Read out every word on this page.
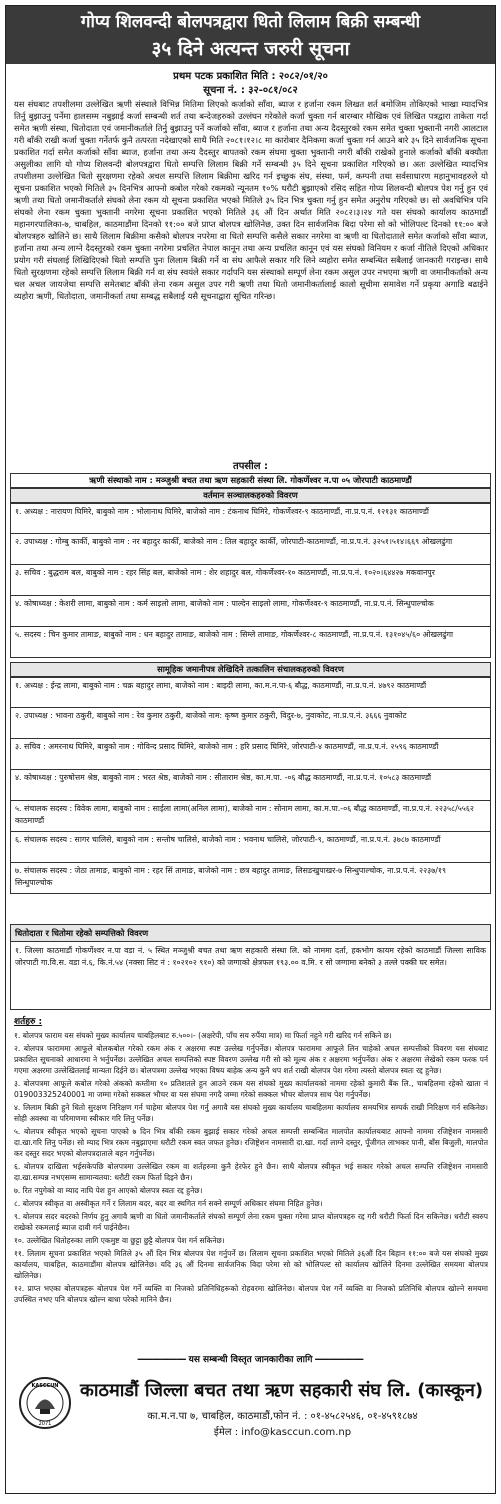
गोप्य शिलवन्दी बोलपत्रद्वारा धितो लिलाम बिक्री सम्बन्धी
३५ दिने अत्यन्त जरुरी सूचना
प्रथम पटक प्रकाशित मिति : २०८२/०१/२०
सूचना नं. : ३२-०८१/०८२
यस संघबाट तपशीलमा उल्लेखित ऋणी संस्थाले विभिन्न मितिमा लिएको कर्जाको साँवा, ब्याज र हर्जाना रकम लिखत शर्त बमोजिम तोकिएको भाखा म्यादभित्र तिर्नु बुझाउनु पर्नेमा हालसम्म नबुझाई कर्जा सम्बन्धी शर्त तथा बन्देजहरुको उल्लंघन गरेकोले कर्जा चुक्ता गर्न बारम्बार मौखिक एवं लिखित पत्रद्वारा ताकेता गर्दा समेत ऋणी संस्था, धितोदाता एवं जमानीकर्ताले तिर्नु बुझाउनु पर्ने कर्जाको साँवा, ब्याज र हर्जाना तथा अन्य दैदस्तुरको रकम समेत चुक्ता भुक्तानी नगरी आलटाल गरी बाँकी राखी कर्जा चुक्ता गर्नेतर्फ कुनै तत्परता नदेखाएको साथै मिति २०८१।१२।८ मा कारोबार दैनिकमा कर्जा चुक्ता गर्न आउने बारे ३५ दिने सार्वजनिक सूचना प्रकाशित गर्दा समेत कर्जाको साँवा ब्याज, हर्जाना तथा अन्य दैदस्तुर बापतको रकम संघमा चुक्ता भुक्तानी नगरी बाँकी राखेको हुनाले कर्जाको बाँकी बक्यौता असुलीका लागि यो गोप्य शिलवन्दी बोलपत्रद्वारा धितो सम्पत्ति लिलाम बिक्री गर्ने सम्बन्धी ३५ दिने सूचना प्रकाशित गरिएको छ। अतः उल्लेखित म्यादभित्र तपशीलमा उल्लेखित धितो सुरक्षणमा रहेको अचल सम्पत्ति लिलाम बिक्रीमा खरिद गर्न इच्छुक संघ, संस्था, फर्म, कम्पनी तथा सर्वसाधारण महानुभावहरुले यो सूचना प्रकाशित भएको मितिले ३५ दिनभित्र आफ्नो कबोल गरेको रकमको न्यूनतम १०% धरौटी बुझाएको रसिद सहित गोप्य शिलवन्दी बोलपत्र पेश गर्नु हुन एवं ऋणी तथा धितो जमानीकर्ताले संघको लेना रकम यो सूचना प्रकाशित भएको मितिले ३५ दिन भित्र चुक्ता गर्नु हुन समेत अनुरोध गरिएको छ। सो अवधिभित्र पनि संघको लेना रकम चुक्ता भुक्तानी नगरेमा सूचना प्रकाशित भएको मितिले ३६ औं दिन अर्थात मिति २०८२।३।२४ गते यस संघको कार्यालय काठमाडौं महानगरपालिका-७, चाबहिल, काठमाडौंमा दिनको ११:०० बजे प्राप्त बोलपत्र खोलिनेछ, उक्त दिन सार्वजनिक बिदा परेमा सो को भोलिपल्ट दिनको ११:०० बजे बोलपत्रहरु खोलिने छ। साथै लिलाम बिक्रीमा कसैको बोलपत्र नपरेमा वा धितो सम्पत्ति कसैले सकार नगरेमा वा ऋणी वा धितोदाताले समेत कर्जाको साँवा ब्याज, हर्जाना तथा अन्य लाग्ने दैदस्तुरको रकम चुक्ता नगरेमा प्रचलित नेपाल कानून तथा अन्य प्रचलित कानून एवं यस संघको विनियम र कर्जा नीतिले दिएको अधिकार प्रयोग गरी संघलाई लिखिदिएको धितो सम्पत्ति पुनः लिलाम बिक्री गर्ने वा संघ आफैले सकार गरि लिने व्यहोरा समेत सम्बन्धित सबैलाई जानकारी गराइन्छ। साथै धितो सुरक्षणमा रहेको सम्पत्ति लिलाम बिक्री गर्न वा संघ स्वयंले सकार गर्दापनि यस संस्थाको सम्पूर्ण लेना रकम असुल उपर नभएमा ऋणी वा जमानीकर्ताको अन्य चल अचल जायजेथा सम्पत्ति समेतबाट बाँकी लेना रकम असुल उपर गरी ऋणी तथा धितो जमानीकर्तालाई कालो सूचीमा समावेश गर्ने प्रकृया अगाडि बढाईने व्यहोरा ऋणी, धितोदाता, जमानीकर्ता तथा सम्बद्ध सबैलाई यसै सूचनाद्वारा सूचित गरिन्छ।
तपसील :
ऋणी संस्थाको नाम : मञ्जुश्री बचत तथा ऋण सहकारी संस्था लि. गोकर्णेश्वर न.पा ०५ जोरपाटी काठमाण्डौं
वर्तमान सञ्चालकहरुको विवरण
१. अध्यक्ष : नारायण घिमिरे, बाबुको नाम : भोलानाथ घिमिरे, बाजेको नाम : टंकनाथ घिमिरे, गोकर्णेश्वर-९ काठमाण्डौं, ना.प्र.प.नं. १२१३१ काठमाण्डौं
२. उपाध्यक्ष : गोम्बु कार्की, बाबुको नाम : नर बहादुर कार्की, बाजेको नाम : तिल बहादुर कार्की, जोरपाटी-काठमाण्डौं, ना.प्र.प.नं. ३२५१।५१४।६६९ ओखलढुंगा
३. सचिव : बुद्धराम बल, बाबुको नाम : रहर सिंह बल, बाजेको नाम : शेर शहादुर बल, गोकर्णेश्वर-१० काठमाण्डौं, ना.प्र.प.नं. १०२०।६४४२७ मकवानपुर
४. कोषाध्यक्ष : केशरी लामा, बाबुको नाम : कर्म साइलो लामा, बाजेको नाम : पाल्देन साइलो लामा, गोकर्णेश्वर-९ काठमाण्डौं, ना.प्र.प.नं. सिन्धुपाल्चोक
५. सदस्य : चिन कुमार तामाङ, बाबुको नाम : धन बहादुर तामाङ, बाजेको नाम : सिम्ले तामाङ, गोकर्णेश्वर-८ काठमाण्डौं, ना.प्र.प.नं. १३१०४५/६० ओखलढुंगा
सामूहिक जमानीपत्र लेखिदिने तत्कालिन संचालकहरुको विवरण
१. अध्यक्ष : ईन्द्र लामा, बाबुको नाम : चक्र बहादुर लामा, बाजेको नाम : बाइदी लामा, का.म.न.पा-६ बौद्ध, काठमाण्डौं, ना.प्र.प.नं. ४७९२ काठमाण्डौं
२. उपाध्यक्ष : भावना ठकुरी, बाबुको नाम : रेव कुमार ठकुरी, बाजेको नाम: कृष्ण कुमार ठकुरी, विदुर-७, नुवाकोट, ना.प्र.प.नं. ३६६६ नुवाकोट
३. सचिव : अमरनाथ घिमिरे, बाबुको नाम : गोविन्द प्रसाद घिमिरे, बाजेको नाम : हरि प्रसाद घिमिरे, जोरपाटी-४ काठमाण्डौं, ना.प्र.प.नं. २५९६ काठमाण्डौं
४. कोषाध्यक्ष : पुरुषोत्तम श्रेष्ठ, बाबुको नाम : भरत श्रेष्ठ, बाजेको नाम : सीताराम श्रेष्ठ, का.म.पा. -०६ बौद्ध काठमाण्डौं, ना.प्र.प.नं. १०५८३ काठमाण्डौं
५. संचालक सदस्य : विवेक लामा, बाबुको नाम : साईला लामा(अनिल लामा), बाजेको नाम : सोनाम लामा, का.म.पा.-०६ बौद्ध काठमाण्डौं, ना.प्र.प.नं. २२३५८/५५६२ काठमाण्डौं
६. संचालक सदस्य : सागर चालिसे, बाबुको नाम : सन्तोष चालिसे, बाजेको नाम : भवनाथ चालिसे, जोरपाटी-९, काठमाण्डौं, ना.प्र.प.नं. ३७८७ काठमाण्डौं
७. संचालक सदस्य : जेठा तामाङ, बाबुको नाम : रहर सिं तामाङ, बाजेको नाम : छत्र बहादुर तामाङ, लिसङखुपाखर-७ सिन्धुपाल्चोक, ना.प्र.प.नं. २२३७/१९ सिन्धुपाल्चोक
धितोदाता र धितोमा रहेको सम्पत्तिको विवरण
१. जिल्ला काठमाडौं गोकर्णेश्वर न.पा वडा नं. ५ स्थित मञ्जुश्री बचत तथा ऋण सहकारी संस्था लि. को नाममा दर्ता, हकभोग कायम रहेको काठमाडौं जिल्ला साविक जोरपाटी गा.वि.स. वडा नं.६, कि.नं.५४ (नक्सा सिट नं : १०२१०२ ९१०) को जग्गाको क्षेत्रफल १९३.०० व.मि. र सो जग्गामा बनेको ३ तल्ले पक्की घर समेत।
शर्तहरु :

१. बोलपत्र फाराम यस संघको मुख्य कार्यालय चाबहिलबाट रु.५००।- (अक्षरेपी, पाँच सय रुपैंया मात्र) मा फिर्ता नहुने गरी खरिद गर्न सकिने छ।

२. बोलपत्र फाराममा आफूले बोलकबोल गरेको रकम अंक र अक्षरमा स्पष्ट उल्लेख गर्नुपर्नेछ। बोलपत्र फाराममा आफूले लिन चाहेको अचल सम्पत्तीको विवरण यस संघबाट प्रकाशित सूचनाको आधारमा ने भर्नुपर्नेछ। उल्लेखित अचल सम्पत्तिको स्पष्ट विवरण उल्लेख गरी सो को मूल्य अंक र अक्षरमा भर्नुपर्नेछ। अंक र अक्षरमा लेखेको रकम फरक पर्न गएमा अक्षरमा उल्लेखितलाई मान्यता दिईने छ। बोलपत्रमा उल्लेख भएका विषय बाहेक अन्य कुनै थप शर्त राखी बोलपत्र पेश गरेमा त्यस्तो बोलपत्र स्वतः रद्द हुनेछ।

३. बोलपत्रमा आफूले कबोल गरेको अंकको कम्तीमा १० प्रतिशतले हुन आउने रकम यस संघको मुख्य कार्यालयको नाममा रहेको कुमारी बैंक लि., चाबहिलमा रहेको खाता नं 019003325240001 मा जम्मा गरेको सक्कल भौचर वा यस संघमा नगदै जम्मा गरेको सक्कल भौचर बोलपत्र साथ पेश गर्नुपर्नेछ।

४. लिलाम बिक्री हुने धितो सुरक्षण निरिक्षण गर्न चाहेमा बोलपत्र पेश गर्नु अगावै यस संघको मुख्य कार्यालय चाबहिलमा कार्यालय समयभित्र सम्पर्क राखी निरिक्षण गर्न सकिनेछ। सोही अवस्था वा परिमाणमा स्वीकार गरि लिनु पर्नेछ।

५. बोलपत्र स्वीकृत भएको सूचना पाएको ७ दिन भित्र बाँकी रकम बुझाई सकार गरेको अचल सम्पत्ती सम्बन्धित मालपोत कार्यालयबाट आफ्नो नाममा रजिष्ट्रेशन नामसारी दा.खा.गरि लिनु पर्नेछ। सो म्याद भित्र रकम नबुझाएमा धरौटी रकम स्वत जफत हुनेछ। रजिष्ट्रेशन नामसारी दा.खा. गर्दा लाग्ने दस्तुर, पूँजीगत लाभकर पानी, बाँस बिजुली, मालपोत कर दस्तुर सदर भएको बोलपत्रदाताले बहन गर्नुपर्नेछ।

६. बोलपत्र दाखिला भईसकेपछि बोलपत्रमा उल्लेखित रकम वा शर्तहरुमा कुनै हेरफेर हुने छैन। साथै बोलपत्र स्वीकृत भई सकार गरेको अचल सम्पत्ति रजिष्ट्रेशन नामसारी दा.खा.सम्पन्न नभएसम्म सामान्यतया: धरौटी रकम फिर्ता दिइने छैन।

७. रित नपुगेको वा म्याद नाघि पेश हुन आएको बोलपत्र स्वतः रद्द हुनेछ।

८. बोलपत्र स्वीकृत वा अस्वीकृत गर्ने र लिलाम बदर, बदर वा स्थगित गर्न सक्ने सम्पूर्ण अधिकार संघमा निहित हुनेछ।

९. बोलपत्र सदर बदरको निर्णय हुनु अगावै ऋणी वा धितो जमानीकर्ताले संघको सम्पूर्ण लेना रकम चुक्ता गरेमा प्राप्त बोलपत्रहरु रद्द गरी धरौटी फिर्ता दिन सकिनेछ। धरौटी स्वरुप राखेको रकमलाई ब्याज दावी गर्न पाईनेछैन।

१०. उल्लेखित धितोहरुका लागि एकमुष्ट वा छुट्टा छुट्टै बोलपत्र पेश गर्न सकिनेछ।

११. लिलाम सूचना प्रकाशित भएको मितिले ३५ औं दिन भित्र बोलपत्र पेश गर्नुपर्ने छ। लिलाम सूचना प्रकाशित भएको मितिले ३६औं दिन बिहान ११:०० बजे यस संघको मुख्य कार्यालय, चाबहिल, काठमाडौंमा बोलपत्र खोलिनेछ। यदि ३६ औं दिनमा सार्वजनिक विदा परेमा सो को भोलिपल्ट सो कार्यालय खोलिने दिनमा उल्लेखित समयमा बोलपत्र खोलिनेछ।

१२. प्राप्त भएका बोलपत्रहरू बोलपत्र पेश गर्ने व्यक्ति वा निजको प्रतिनिधिहरूको रोहवरमा खोलिनेछ। बोलपत्र पेश गर्ने व्यक्ति वा निजको प्रतिनिधि बोलपत्र खोल्ने समयमा उपस्थित नभए पनि बोलपत्र खोल्न बाधा परेको मानिने छैन।

━━━━━━━━━━ यस सम्बन्धी विस्तृत जानकारीका लागि ━━━━━━━━━━
KASCCUN
2071
काठमाडौं जिल्ला बचत तथा ऋण सहकारी संघ लि. (कास्कून)
का.म.न.पा ७, चाबहिल, काठमाडौं,फोन नं. : ०१-४५८२५४६, ०१-४५९१८७४
ईमेल : info@kasccun.com.np
